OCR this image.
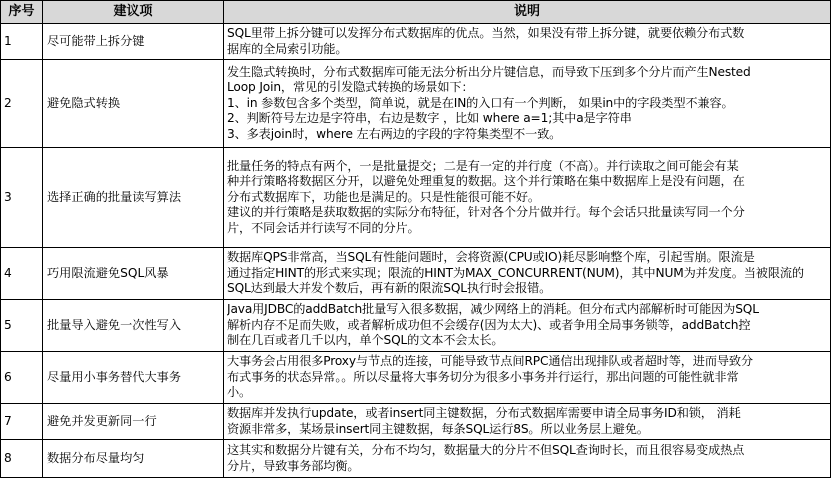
序号	建议项	说明
1	尽可能带上拆分键	SQL里带上拆分键可以发挥分布式数据库的优点。当然，如果没有带上拆分键，就要依赖分布式数
据库的全局索引功能。

2	避免隐式转换	发生隐式转换时，分布式数据库可能无法分析出分片键信息，而导致下压到多个分片而产生Nested
Loop Join，常见的引发隐式转换的场景如下：
1、in 参数包含多个类型，简单说，就是在IN的入口有一个判断， 如果in中的字段类型不兼容。
2、判断符号左边是字符串，右边是数字 ，比如 where a=1;其中a是字符串
3、多表join时，where 左右两边的字段的字符集类型不一致。

3	选择正确的批量读写算法	批量任务的特点有两个，一是批量提交；二是有一定的并行度（不高）。并行读取之间可能会有某
种并行策略将数据区分开，以避免处理重复的数据。这个并行策略在集中数据库上是没有问题，在
分布式数据库下，功能也是满足的。只是性能很可能不好。
建议的并行策略是获取数据的实际分布特征，针对各个分片做并行。每个会话只批量读写同一个分
片，不同会话并行读写不同的分片。

4	巧用限流避免SQL风暴	数据库QPS非常高，当SQL有性能问题时，会将资源(CPU或IO)耗尽影响整个库，引起雪崩。限流是
通过指定HINT的形式来实现；限流的HINT为MAX_CONCURRENT(NUM)，其中NUM为并发度。当被限流的
SQL达到最大并发个数后，再有新的限流SQL执行时会报错。

5	批量导入避免一次性写入	Java用JDBC的addBatch批量写入很多数据，减少网络上的消耗。但分布式内部解析时可能因为SQL
解析内存不足而失败，或者解析成功但不会缓存(因为太大)、或者争用全局事务锁等，addBatch控
制在几百或者几千以内，单个SQL的文本不会太长。

6	尽量用小事务替代大事务	大事务会占用很多Proxy与节点的连接，可能导致节点间RPC通信出现排队或者超时等，进而导致分
布式事务的状态异常。。所以尽量将大事务切分为很多小事务并行运行，那出问题的可能性就非常
小。

7	避免并发更新同一行	数据库并发执行update，或者insert同主键数据，分布式数据库需要申请全局事务ID和锁， 消耗
资源非常多，某场景insert同主键数据，每条SQL运行8S。所以业务层上避免。

8	数据分布尽量均匀	这其实和数据分片键有关，分布不均匀，数据量大的分片不但SQL查询时长，而且很容易变成热点
分片，导致事务部均衡。
